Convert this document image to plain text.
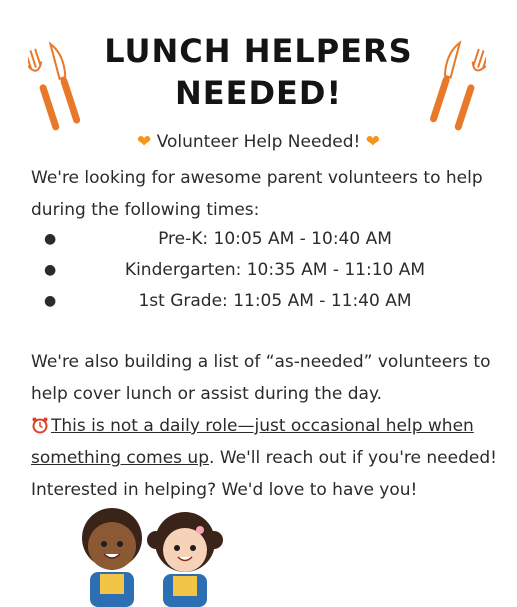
LUNCH HELPERS
NEEDED!
❤ Volunteer Help Needed! ❤
We're looking for awesome parent volunteers to help during the following times:
●	Pre-K: 10:05 AM - 10:40 AM
●	Kindergarten: 10:35 AM - 11:10 AM
●	1st Grade: 11:05 AM - 11:40 AM
We're also building a list of “as-needed” volunteers to help cover lunch or assist during the day.
This is not a daily role—just occasional help when something comes up. We'll reach out if you're needed! Interested in helping? We'd love to have you!
